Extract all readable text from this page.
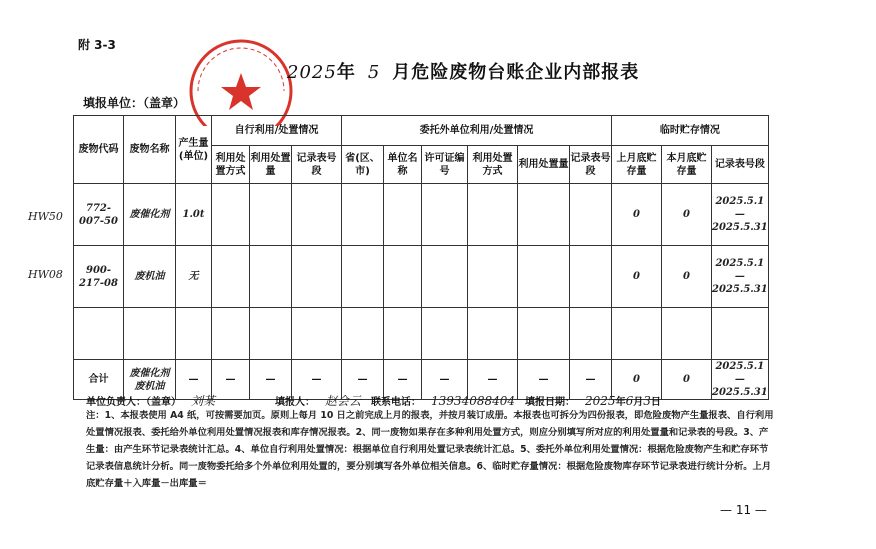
附 3-3
2025年 5 月危险废物台账企业内部报表
填报单位：（盖章）
废物代码	废物名称	产生量(单位)	自行利用/处置情况			委托外单位利用/处置情况						临时贮存情况		
			利用处置方式	利用处置量	记录表号段	省(区、市)	单位名称	许可证编号	利用处置方式	利用处置量	记录表号段	上月底贮存量	本月底贮存量	记录表号段
772-007-50	废催化剂	1.0t										0	0	2025.5.1—2025.5.31
900-217-08	废机油	无										0	0	2025.5.1—2025.5.31

合计	废催化剂 废机油	—	—	—	—	—	—	—	—	—	—	0	0	2025.5.1—2025.5.31
HW50
HW08
单位负责人：（盖章） 刘某	填报人： 赵会云 联系电话： 13934088404 填报日期： 2025年6月3日
注：1、本报表使用 A4 纸，可按需要加页。原则上每月 10 日之前完成上月的报表，并按月装订成册。本报表也可拆分为四份报表，即危险废物产生量报表、自行利用处置情况报表、委托给外单位利用处置情况报表和库存情况报表。2、同一废物如果存在多种利用处置方式，则应分别填写所对应的利用处置量和记录表的号段。3、产生量：由产生环节记录表统计汇总。4、单位自行利用处置情况：根据单位自行利用处置记录表统计汇总。5、委托外单位利用处置情况：根据危险废物产生和贮存环节记录表信息统计分析。同一废物委托给多个外单位利用处置的，要分别填写各外单位相关信息。6、临时贮存量情况：根据危险废物库存环节记录表进行统计分析。上月底贮存量＋入库量－出库量＝
— 11 —
